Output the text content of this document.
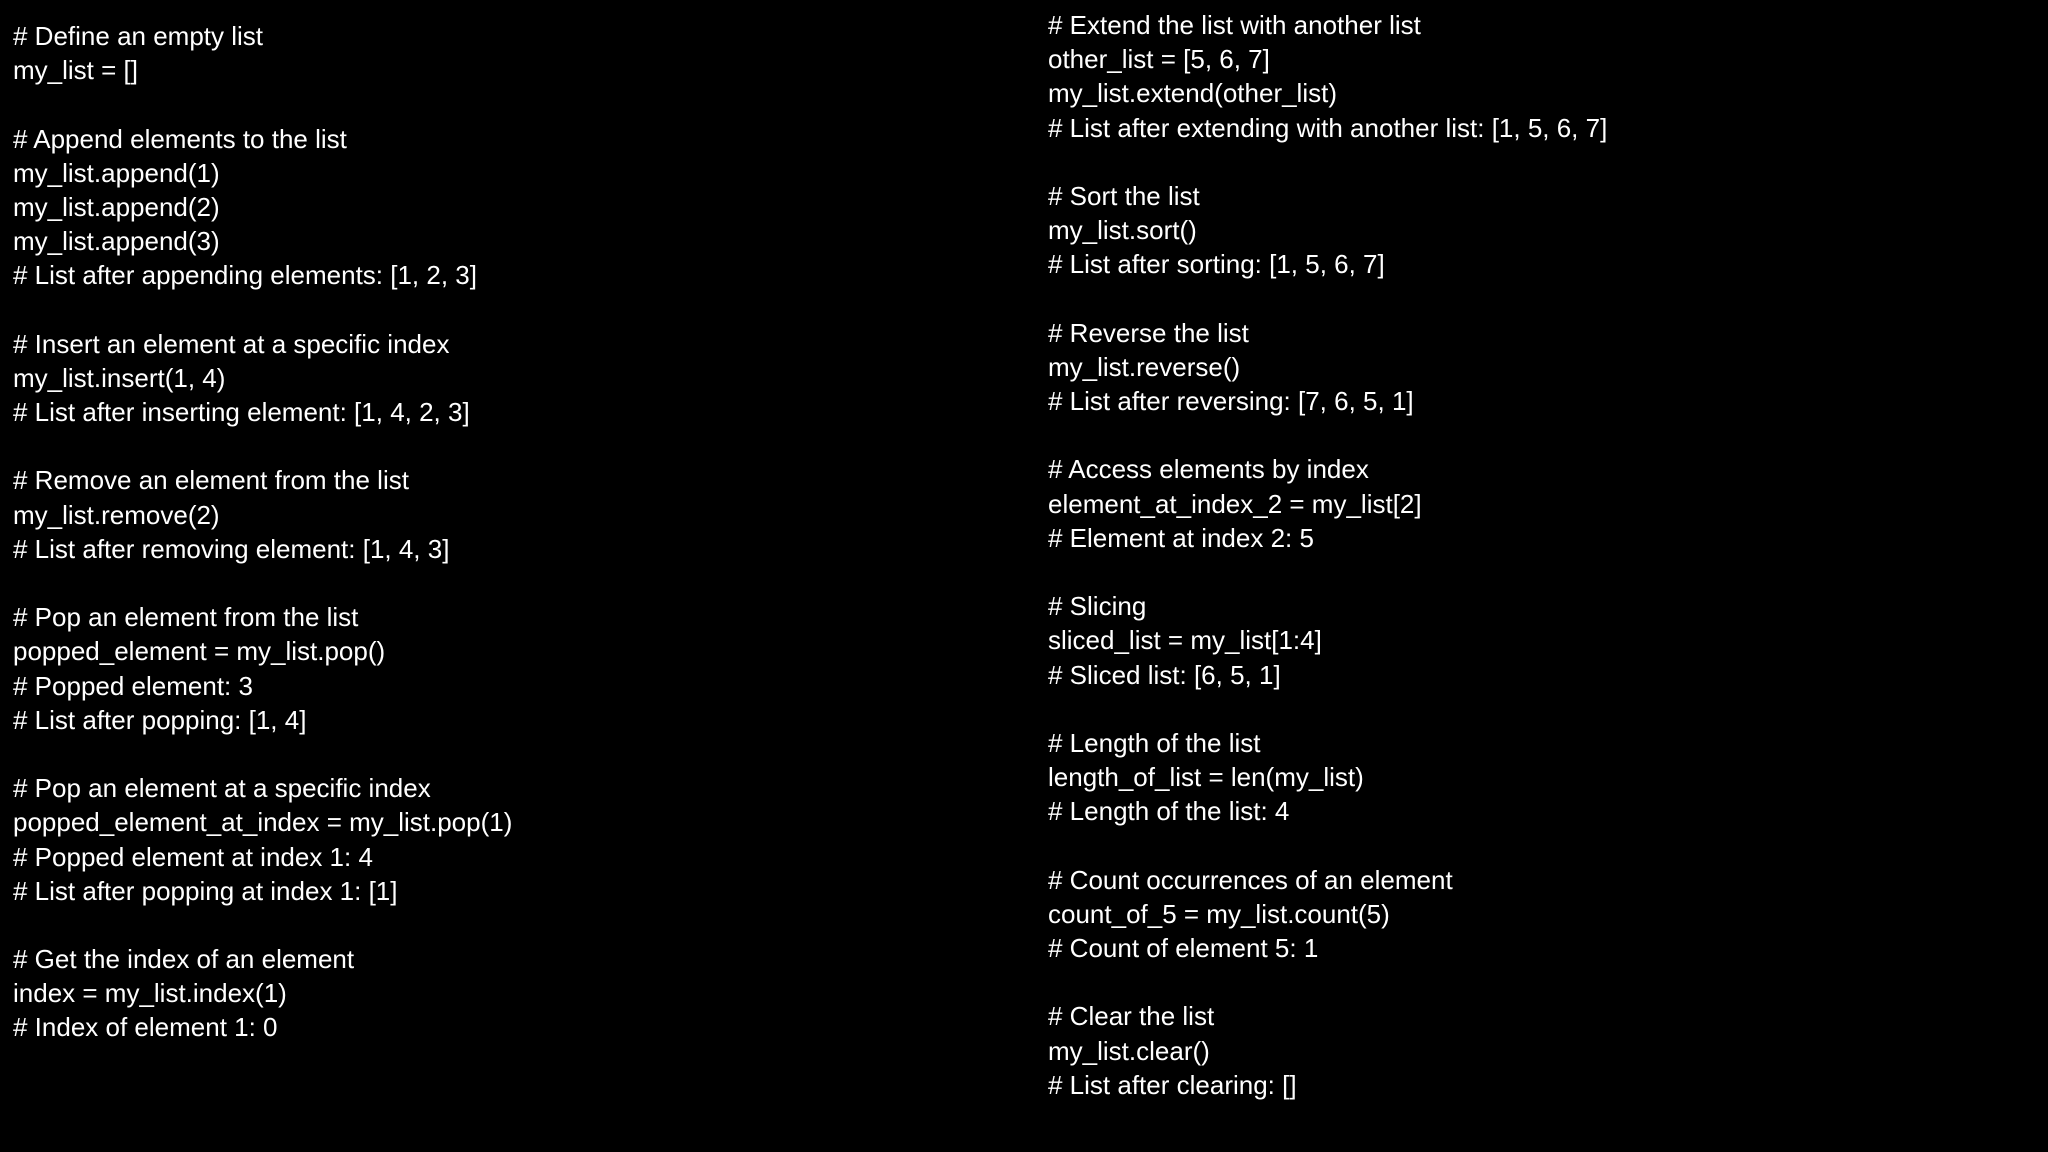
# Define an empty list
my_list = []
# Append elements to the list
my_list.append(1)
my_list.append(2)
my_list.append(3)
# List after appending elements: [1, 2, 3]
# Insert an element at a specific index
my_list.insert(1, 4)
# List after inserting element: [1, 4, 2, 3]
# Remove an element from the list
my_list.remove(2)
# List after removing element: [1, 4, 3]
# Pop an element from the list
popped_element = my_list.pop()
# Popped element: 3
# List after popping: [1, 4]
# Pop an element at a specific index
popped_element_at_index = my_list.pop(1)
# Popped element at index 1: 4
# List after popping at index 1: [1]
# Get the index of an element
index = my_list.index(1)
# Index of element 1: 0
# Extend the list with another list
other_list = [5, 6, 7]
my_list.extend(other_list)
# List after extending with another list: [1, 5, 6, 7]
# Sort the list
my_list.sort()
# List after sorting: [1, 5, 6, 7]
# Reverse the list
my_list.reverse()
# List after reversing: [7, 6, 5, 1]
# Access elements by index
element_at_index_2 = my_list[2]
# Element at index 2: 5
# Slicing
sliced_list = my_list[1:4]
# Sliced list: [6, 5, 1]
# Length of the list
length_of_list = len(my_list)
# Length of the list: 4
# Count occurrences of an element
count_of_5 = my_list.count(5)
# Count of element 5: 1
# Clear the list
my_list.clear()
# List after clearing: []
